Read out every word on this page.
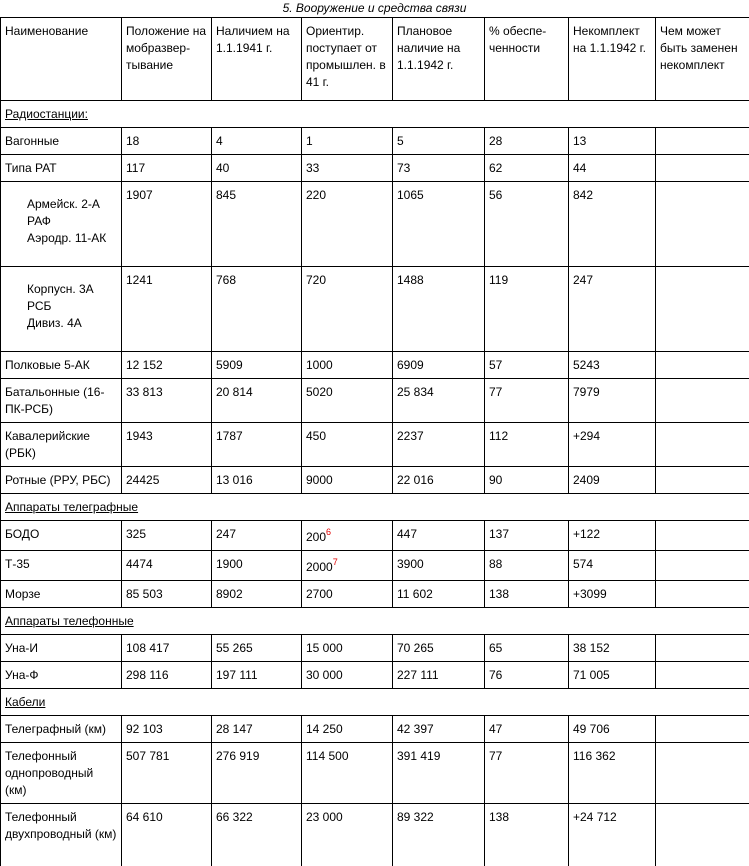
5. Вооружение и средства связи
Наименование	Положение на мобразвер-тывание	Наличием на 1.1.1941 г.	Ориентир. поступает от промышлен. в 41 г.	Плановое наличие на 1.1.1942 г.	% обеспе-ченности	Некомплект на 1.1.1942 г.	Чем может быть заменен некомплект
Радиостанции:							
Вагонные	18	4	1	5	28	13	
Типа РАТ	117	40	33	73	62	44	

Армейск. 2-А
РАФ
Аэродр. 11-АК	1907	845	220	1065	56	842	

Корпусн. 3А
РСБ
Дивиз. 4А	1241	768	720	1488	119	247	
Полковые 5-АК	12 152	5909	1000	6909	57	5243	
Батальонные (16-ПК-РСБ)	33 813	20 814	5020	25 834	77	7979	
Кавалерийские (РБК)	1943	1787	450	2237	112	+294	
Ротные (РРУ, РБС)	24425	13 016	9000	22 016	90	2409	
Аппараты телеграфные							
БОДО	325	247	$200^6$	447	137	+122	
Т-35	4474	1900	2000$^7$	3900	88	574	
Морзе	85 503	8902	2700	11 602	138	+3099	
Аппараты телефонные							
Уна-И	108 417	55 265	15 000	70 265	65	38 152	
Уна-Ф	298 116	197 111	30 000	227 111	76	71 005	
Кабели							
Телеграфный (км)	92 103	28 147	14 250	42 397	47	49 706	
Телефонный однопроводный (км)	507 781	276 919	114 500	391 419	77	116 362	
Телефонный двухпроводный (км)	64 610	66 322	23 000	89 322	138	+24 712	
